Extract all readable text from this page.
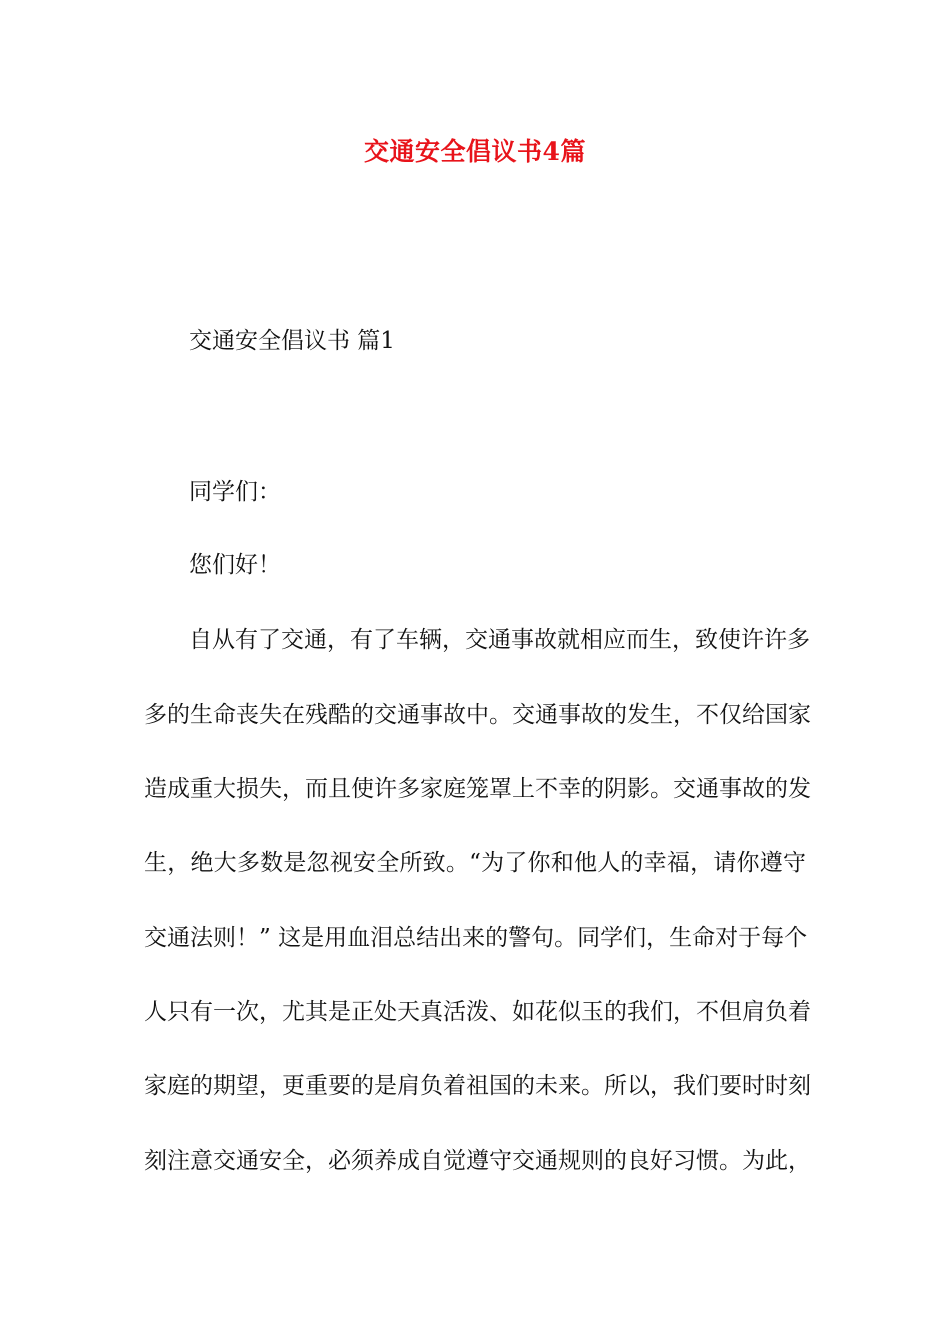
交通安全倡议书4篇
交通安全倡议书 篇1
同学们：
您们好！
自从有了交通，有了车辆，交通事故就相应而生，致使许许多
多的生命丧失在残酷的交通事故中。交通事故的发生，不仅给国家
造成重大损失，而且使许多家庭笼罩上不幸的阴影。交通事故的发
生，绝大多数是忽视安全所致。“为了你和他人的幸福，请你遵守
交通法则！” 这是用血泪总结出来的警句。同学们，生命对于每个
人只有一次，尤其是正处天真活泼、如花似玉的我们，不但肩负着
家庭的期望，更重要的是肩负着祖国的未来。所以，我们要时时刻
刻注意交通安全，必须养成自觉遵守交通规则的良好习惯。为此，
